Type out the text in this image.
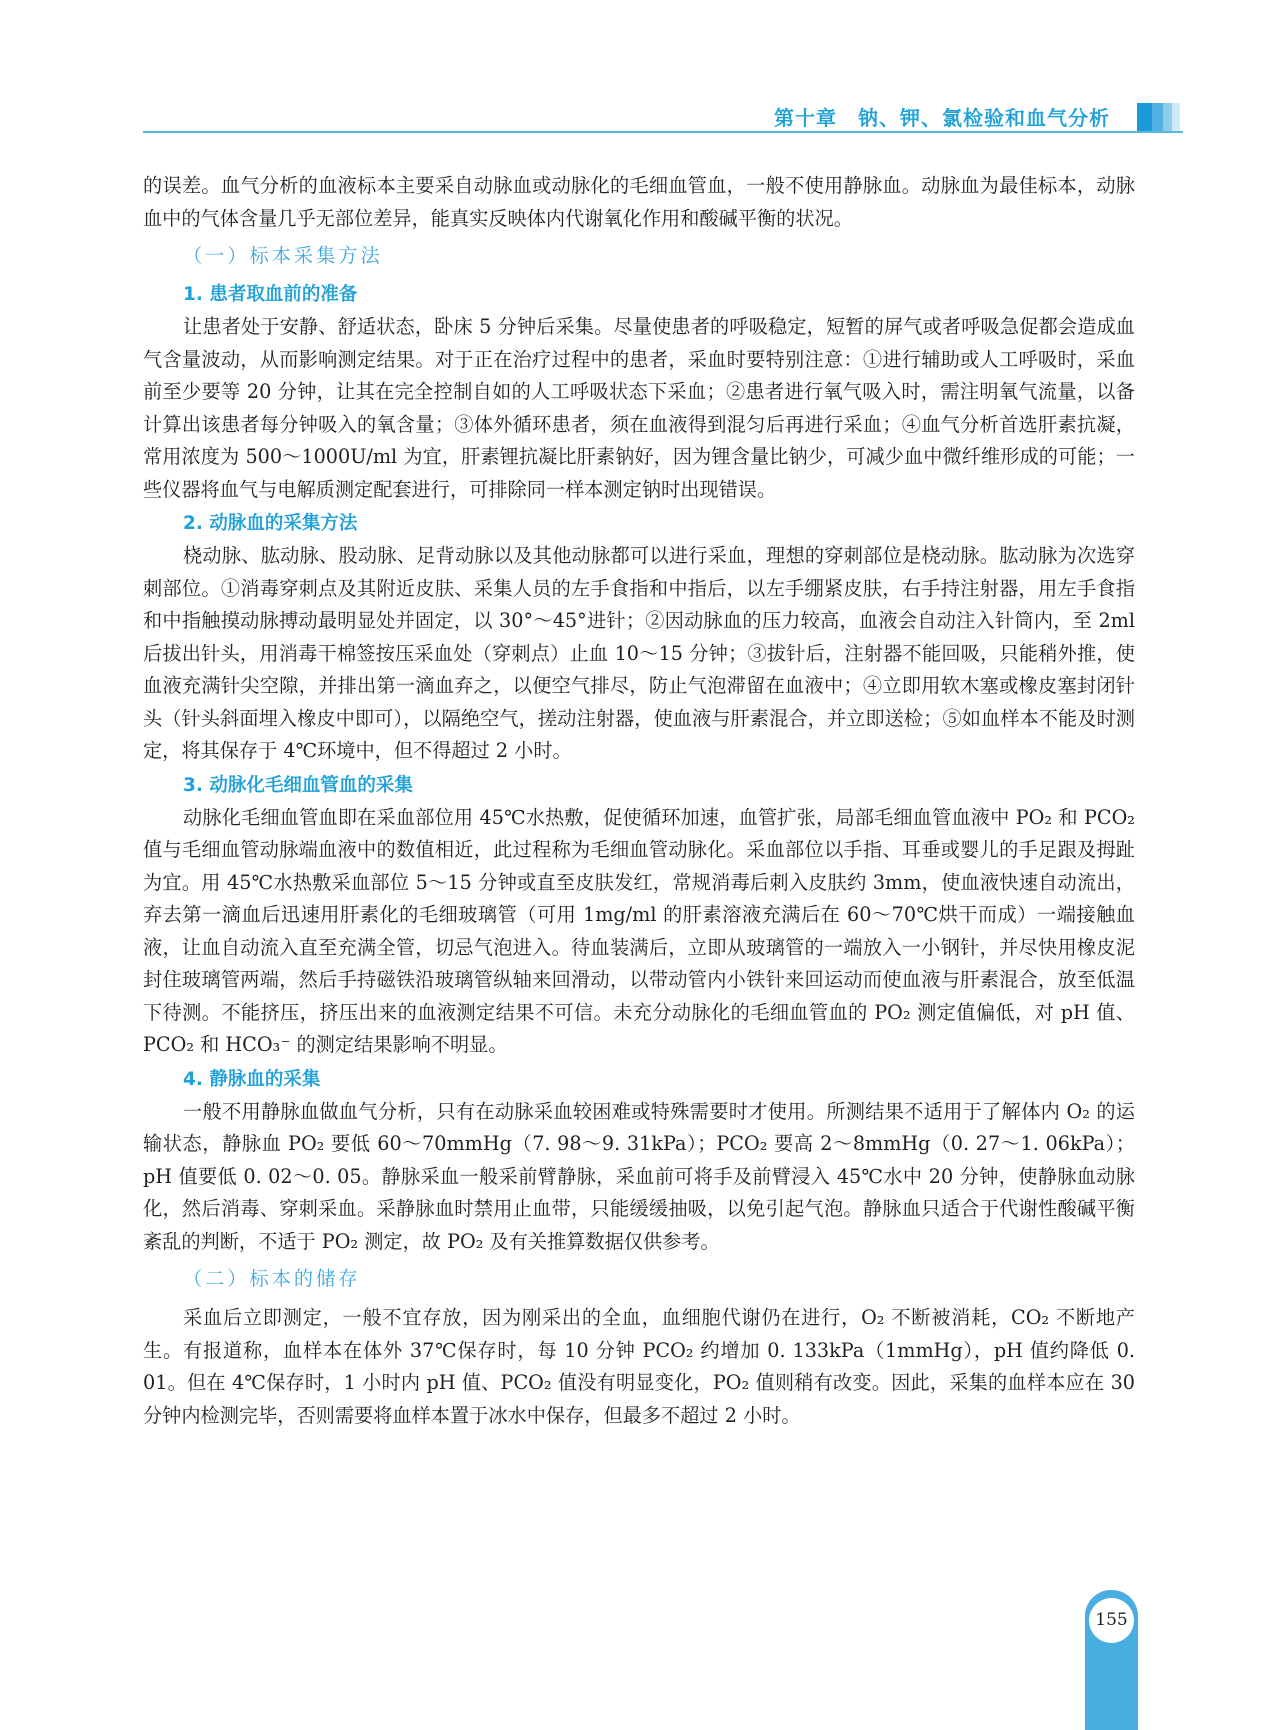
第十章　钠、钾、氯检验和血气分析

的误差。血气分析的血液标本主要采自动脉血或动脉化的毛细血管血，一般不使用静脉血。动脉血为最佳标本，动脉血中的气体含量几乎无部位差异，能真实反映体内代谢氧化作用和酸碱平衡的状况。

（一）标本采集方法
1. 患者取血前的准备

让患者处于安静、舒适状态，卧床 5 分钟后采集。尽量使患者的呼吸稳定，短暂的屏气或者呼吸急促都会造成血气含量波动，从而影响测定结果。对于正在治疗过程中的患者，采血时要特别注意：①进行辅助或人工呼吸时，采血前至少要等 20 分钟，让其在完全控制自如的人工呼吸状态下采血；②患者进行氧气吸入时，需注明氧气流量，以备计算出该患者每分钟吸入的氧含量；③体外循环患者，须在血液得到混匀后再进行采血；④血气分析首选肝素抗凝，常用浓度为 500～1000U/ml 为宜，肝素锂抗凝比肝素钠好，因为锂含量比钠少，可减少血中微纤维形成的可能；一些仪器将血气与电解质测定配套进行，可排除同一样本测定钠时出现错误。

2. 动脉血的采集方法

桡动脉、肱动脉、股动脉、足背动脉以及其他动脉都可以进行采血，理想的穿刺部位是桡动脉。肱动脉为次选穿刺部位。①消毒穿刺点及其附近皮肤、采集人员的左手食指和中指后，以左手绷紧皮肤，右手持注射器，用左手食指和中指触摸动脉搏动最明显处并固定，以 30°～45°进针；②因动脉血的压力较高，血液会自动注入针筒内，至 2ml 后拔出针头，用消毒干棉签按压采血处（穿刺点）止血 10～15 分钟；③拔针后，注射器不能回吸，只能稍外推，使血液充满针尖空隙，并排出第一滴血弃之，以便空气排尽，防止气泡滞留在血液中；④立即用软木塞或橡皮塞封闭针头（针头斜面埋入橡皮中即可），以隔绝空气，搓动注射器，使血液与肝素混合，并立即送检；⑤如血样本不能及时测定，将其保存于 4℃环境中，但不得超过 2 小时。

3. 动脉化毛细血管血的采集

动脉化毛细血管血即在采血部位用 45℃水热敷，促使循环加速，血管扩张，局部毛细血管血液中 PO₂ 和 PCO₂ 值与毛细血管动脉端血液中的数值相近，此过程称为毛细血管动脉化。采血部位以手指、耳垂或婴儿的手足跟及拇趾为宜。用 45℃水热敷采血部位 5～15 分钟或直至皮肤发红，常规消毒后刺入皮肤约 3mm，使血液快速自动流出，弃去第一滴血后迅速用肝素化的毛细玻璃管（可用 1mg/ml 的肝素溶液充满后在 60～70℃烘干而成）一端接触血液，让血自动流入直至充满全管，切忌气泡进入。待血装满后，立即从玻璃管的一端放入一小钢针，并尽快用橡皮泥封住玻璃管两端，然后手持磁铁沿玻璃管纵轴来回滑动，以带动管内小铁针来回运动而使血液与肝素混合，放至低温下待测。不能挤压，挤压出来的血液测定结果不可信。未充分动脉化的毛细血管血的 PO₂ 测定值偏低，对 pH 值、PCO₂ 和 HCO₃⁻ 的测定结果影响不明显。

4. 静脉血的采集

一般不用静脉血做血气分析，只有在动脉采血较困难或特殊需要时才使用。所测结果不适用于了解体内 O₂ 的运输状态，静脉血 PO₂ 要低 60～70mmHg（7. 98～9. 31kPa）；PCO₂ 要高 2～8mmHg（0. 27～1. 06kPa）；pH 值要低 0. 02～0. 05。静脉采血一般采前臂静脉，采血前可将手及前臂浸入 45℃水中 20 分钟，使静脉血动脉化，然后消毒、穿刺采血。采静脉血时禁用止血带，只能缓缓抽吸，以免引起气泡。静脉血只适合于代谢性酸碱平衡紊乱的判断，不适于 PO₂ 测定，故 PO₂ 及有关推算数据仅供参考。

（二）标本的储存

采血后立即测定，一般不宜存放，因为刚采出的全血，血细胞代谢仍在进行，O₂ 不断被消耗，CO₂ 不断地产生。有报道称，血样本在体外 37℃保存时，每 10 分钟 PCO₂ 约增加 0. 133kPa（1mmHg），pH 值约降低 0. 01。但在 4℃保存时，1 小时内 pH 值、PCO₂ 值没有明显变化，PO₂ 值则稍有改变。因此，采集的血样本应在 30 分钟内检测完毕，否则需要将血样本置于冰水中保存，但最多不超过 2 小时。

155
